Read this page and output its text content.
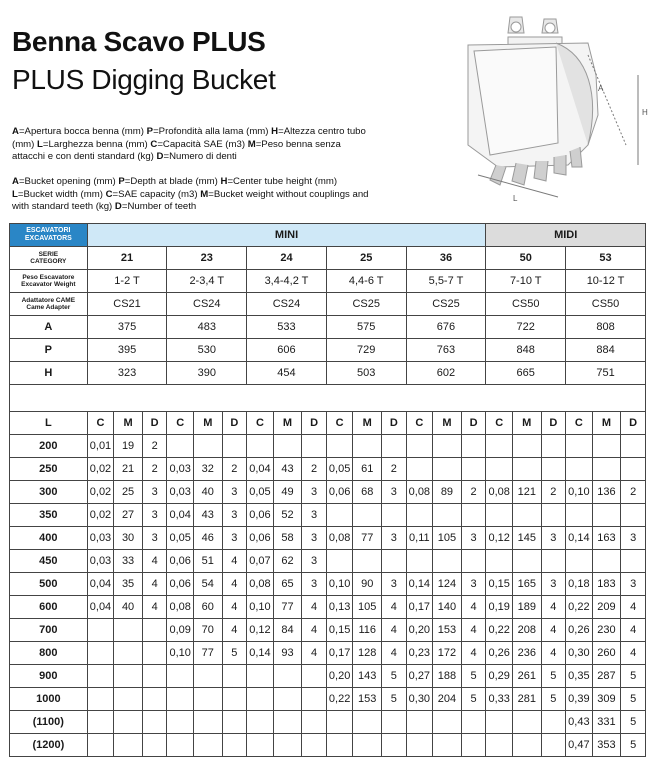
Benna Scavo PLUS
PLUS Digging Bucket
A=Apertura bocca benna (mm) P=Profondità alla lama (mm) H=Altezza centro tubo (mm) L=Larghezza benna (mm) C=Capacità SAE (m3) M=Peso benna senza attacchi e con denti standard (kg) D=Numero di denti
A=Bucket opening (mm) P=Depth at blade (mm) H=Center tube height (mm) L=Bucket width (mm) C=SAE capacity (m3) M=Bucket weight without couplings and with standard teeth (kg) D=Number of teeth
A
H
L
ESCAVATORI
EXCAVATORS	MINI															MIDI					
SERIE
CATEGORY	21			23			24			25			36			50			53		
Peso Escavatore
Excavator Weight	1-2 T			2-3,4 T			3,4-4,2 T			4,4-6 T			5,5-7 T			7-10 T			10-12 T		
Adattatore CAME
Came Adapter	CS21			CS24			CS24			CS25			CS25			CS50			CS50		
A	375			483			533			575			676			722			808		
P	395			530			606			729			763			848			884		
H	323			390			454			503			602			665			751		

L	C	M	D	C	M	D	C	M	D	C	M	D	C	M	D	C	M	D	C	M	D
200	0,01	19	2																		
250	0,02	21	2	0,03	32	2	0,04	43	2	0,05	61	2									
300	0,02	25	3	0,03	40	3	0,05	49	3	0,06	68	3	0,08	89	2	0,08	121	2	0,10	136	2
350	0,02	27	3	0,04	43	3	0,06	52	3												
400	0,03	30	3	0,05	46	3	0,06	58	3	0,08	77	3	0,11	105	3	0,12	145	3	0,14	163	3
450	0,03	33	4	0,06	51	4	0,07	62	3												
500	0,04	35	4	0,06	54	4	0,08	65	3	0,10	90	3	0,14	124	3	0,15	165	3	0,18	183	3
600	0,04	40	4	0,08	60	4	0,10	77	4	0,13	105	4	0,17	140	4	0,19	189	4	0,22	209	4
700				0,09	70	4	0,12	84	4	0,15	116	4	0,20	153	4	0,22	208	4	0,26	230	4
800				0,10	77	5	0,14	93	4	0,17	128	4	0,23	172	4	0,26	236	4	0,30	260	4
900										0,20	143	5	0,27	188	5	0,29	261	5	0,35	287	5
1000										0,22	153	5	0,30	204	5	0,33	281	5	0,39	309	5
(1100)																			0,43	331	5
(1200)																			0,47	353	5
